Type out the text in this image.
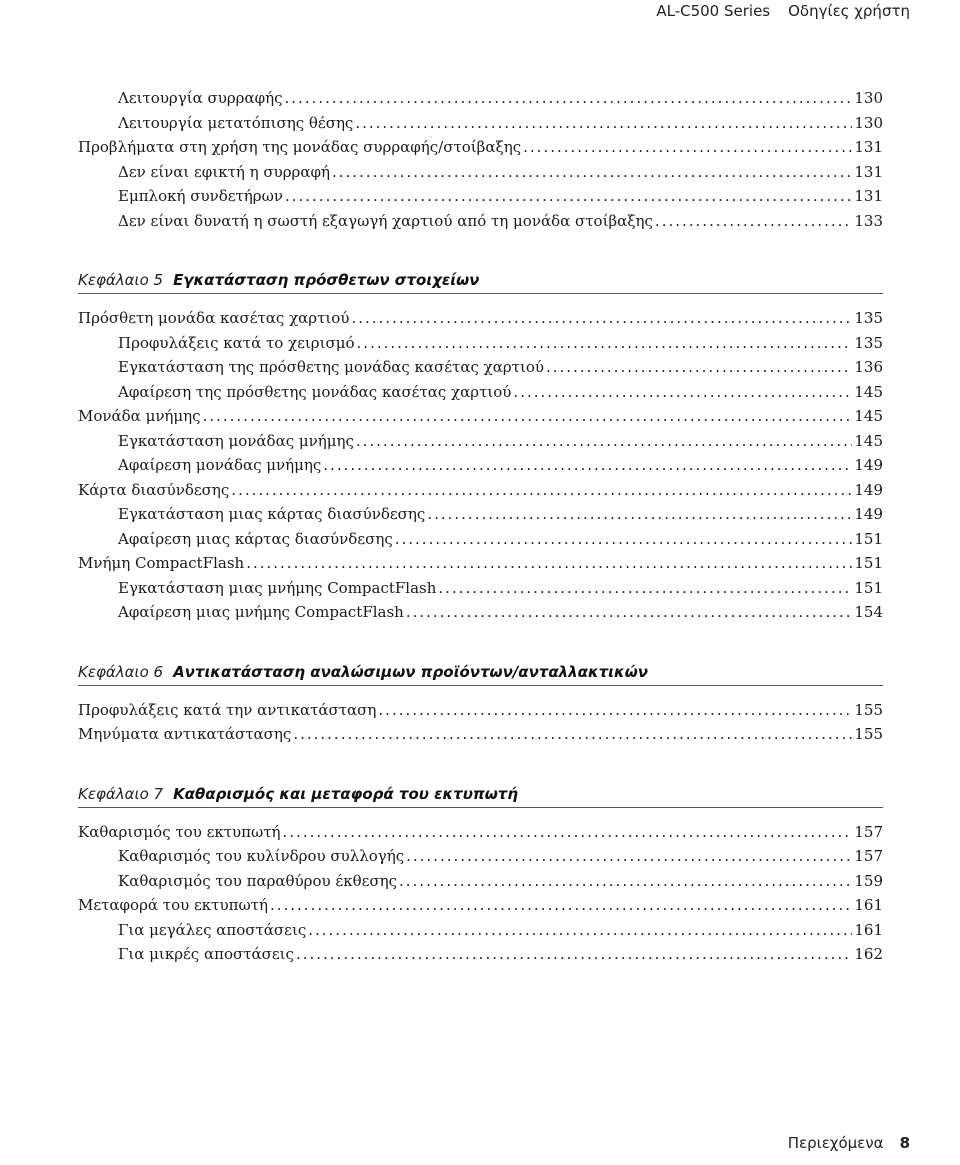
AL-C500 Series Οδηγίες χρήστη
Λειτουργία συρραφής .....	130
Λειτουργία μετατόπισης θέσης .....	130
Προβλήματα στη χρήση της μονάδας συρραφής/στοίβαξης .....	131
Δεν είναι εφικτή η συρραφή .....	131
Εμπλοκή συνδετήρων .....	131
Δεν είναι δυνατή η σωστή εξαγωγή χαρτιού από τη μονάδα στοίβαξης .....	133
Κεφάλαιο 5 Εγκατάσταση πρόσθετων στοιχείων
Πρόσθετη μονάδα κασέτας χαρτιού .....	135
Προφυλάξεις κατά το χειρισμό .....	135
Εγκατάσταση της πρόσθετης μονάδας κασέτας χαρτιού .....	136
Αφαίρεση της πρόσθετης μονάδας κασέτας χαρτιού .....	145
Μονάδα μνήμης .....	145
Εγκατάσταση μονάδας μνήμης .....	145
Αφαίρεση μονάδας μνήμης .....	149
Κάρτα διασύνδεσης .....	149
Εγκατάσταση μιας κάρτας διασύνδεσης .....	149
Αφαίρεση μιας κάρτας διασύνδεσης .....	151
Μνήμη CompactFlash .....	151
Εγκατάσταση μιας μνήμης CompactFlash .....	151
Αφαίρεση μιας μνήμης CompactFlash .....	154
Κεφάλαιο 6 Αντικατάσταση αναλώσιμων προϊόντων/ανταλλακτικών
Προφυλάξεις κατά την αντικατάσταση .....	155
Μηνύματα αντικατάστασης .....	155
Κεφάλαιο 7 Καθαρισμός και μεταφορά του εκτυπωτή
Καθαρισμός του εκτυπωτή .....	157
Καθαρισμός του κυλίνδρου συλλογής .....	157
Καθαρισμός του παραθύρου έκθεσης .....	159
Μεταφορά του εκτυπωτή .....	161
Για μεγάλες αποστάσεις .....	161
Για μικρές αποστάσεις .....	162
Περιεχόμενα 8
